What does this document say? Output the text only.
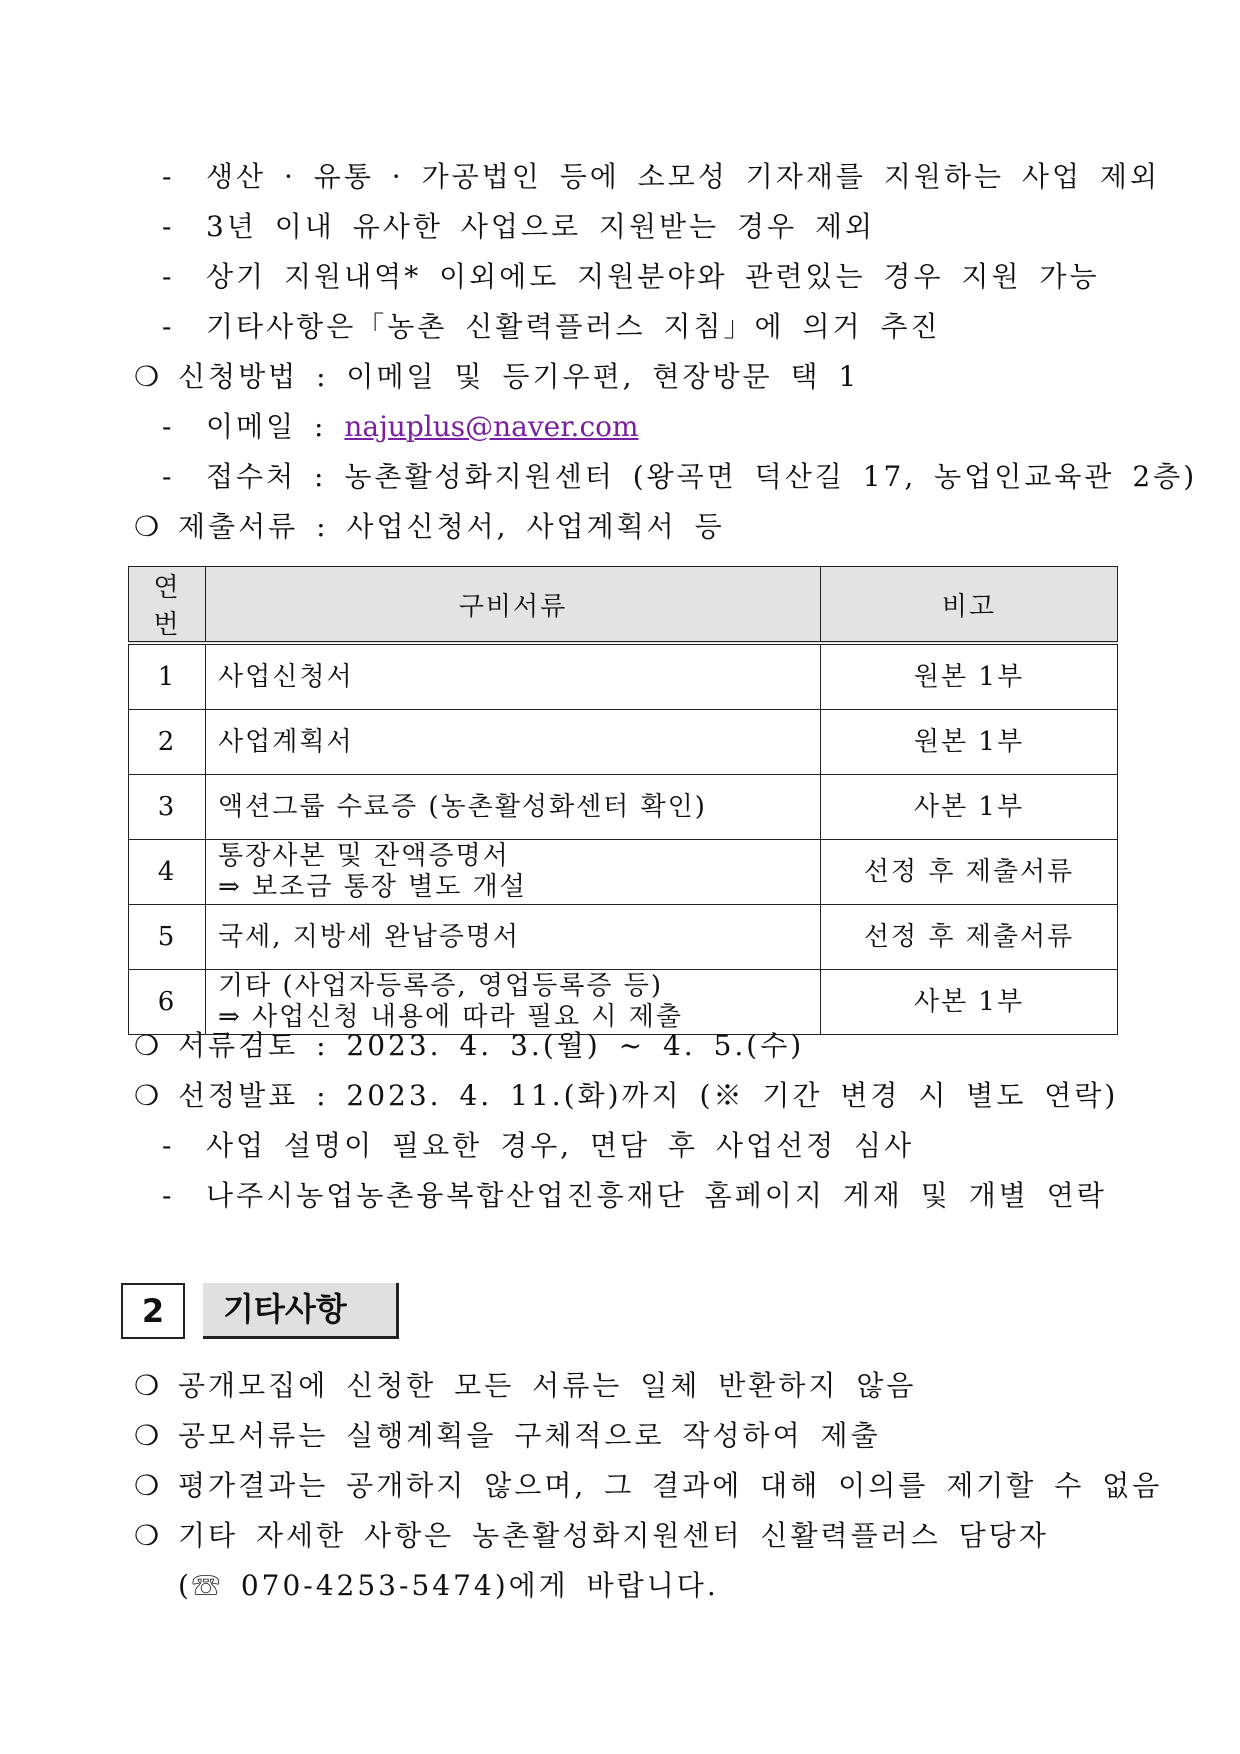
- 생산 · 유통 · 가공법인 등에 소모성 기자재를 지원하는 사업 제외
- 3년 이내 유사한 사업으로 지원받는 경우 제외
- 상기 지원내역* 이외에도 지원분야와 관련있는 경우 지원 가능
- 기타사항은「농촌 신활력플러스 지침」에 의거 추진
❍ 신청방법 : 이메일 및 등기우편, 현장방문 택 1
- 이메일 : najuplus@naver.com
- 접수처 : 농촌활성화지원센터 (왕곡면 덕산길 17, 농업인교육관 2층)
❍ 제출서류 : 사업신청서, 사업계획서 등
연번	구비서류	비고
1	사업신청서	원본 1부
2	사업계획서	원본 1부
3	액션그룹 수료증 (농촌활성화센터 확인)	사본 1부
4	통장사본 및 잔액증명서
⇒ 보조금 통장 별도 개설	선정 후 제출서류
5	국세, 지방세 완납증명서	선정 후 제출서류
6	기타 (사업자등록증, 영업등록증 등)
⇒ 사업신청 내용에 따라 필요 시 제출	사본 1부
❍ 서류검토 : 2023. 4. 3.(월) ~ 4. 5.(수)
❍ 선정발표 : 2023. 4. 11.(화)까지 (※ 기간 변경 시 별도 연락)
- 사업 설명이 필요한 경우, 면담 후 사업선정 심사
- 나주시농업농촌융복합산업진흥재단 홈페이지 게재 및 개별 연락
2	기타사항
❍ 공개모집에 신청한 모든 서류는 일체 반환하지 않음
❍ 공모서류는 실행계획을 구체적으로 작성하여 제출
❍ 평가결과는 공개하지 않으며, 그 결과에 대해 이의를 제기할 수 없음
❍ 기타 자세한 사항은 농촌활성화지원센터 신활력플러스 담당자
(☏ 070-4253-5474)에게 바랍니다.
